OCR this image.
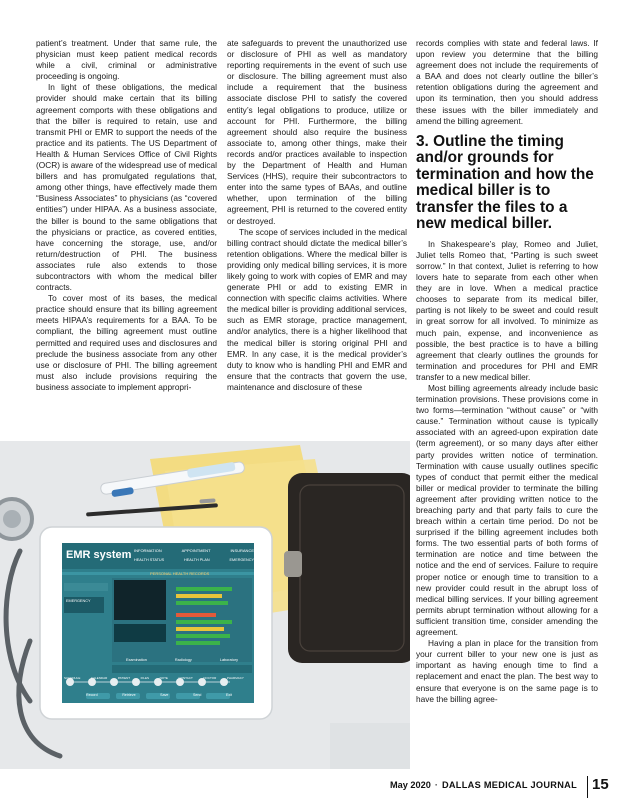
patient’s treatment. Under that same rule, the physician must keep patient medical records while a civil, criminal or administrative proceeding is ongoing.

In light of these obligations, the medical provider should make certain that its billing agreement comports with these obligations and that the biller is required to retain, use and transmit PHI or EMR to support the needs of the practice and its patients. The US Department of Health & Human Services Office of Civil Rights (OCR) is aware of the widespread use of medical billers and has promulgated regulations that, among other things, have effectively made them “Business Associates” to physicians (as “covered entities”) under HIPAA. As a business associate, the biller is bound to the same obligations that the physicians or practice, as covered entities, have concerning the storage, use, and/or return/destruction of PHI. The business associates rule also extends to those subcontractors with whom the medical biller contracts.

To cover most of its bases, the medical practice should ensure that its billing agreement meets HIPAA’s requirements for a BAA. To be compliant, the billing agreement must outline permitted and required uses and disclosures and preclude the business associate from any other use or disclosure of PHI. The billing agreement must also include provisions requiring the business associate to implement appropri-

ate safeguards to prevent the unauthorized use or disclosure of PHI as well as mandatory reporting requirements in the event of such use or disclosure. The billing agreement must also include a requirement that the business associate disclose PHI to satisfy the covered entity’s legal obligations to produce, utilize or account for PHI. Furthermore, the billing agreement should also require the business associate to, among other things, make their records and/or practices available to inspection by the Department of Health and Human Services (HHS), require their subcontractors to enter into the same types of BAAs, and outline whether, upon termination of the billing agreement, PHI is returned to the covered entity or destroyed.

The scope of services included in the medical billing contract should dictate the medical biller’s retention obligations. Where the medical biller is providing only medical billing services, it is more likely going to work with copies of EMR and may generate PHI or add to existing EMR in connection with specific claims activities. Where the medical biller is providing additional services, such as EMR storage, practice management, and/or analytics, there is a higher likelihood that the medical biller is storing original PHI and EMR. In any case, it is the medical provider’s duty to know who is handling PHI and EMR and ensure that the contracts that govern the use, maintenance and disclosure of these

records complies with state and federal laws. If upon review you determine that the billing agreement does not include the requirements of a BAA and does not clearly outline the biller’s retention obligations during the agreement and upon its termination, then you should address these issues with the biller immediately and amend the billing agreement.

3. Outline the timing and/or grounds for termination and how the medical biller is to transfer the files to a new medical biller.

In Shakespeare’s play, Romeo and Juliet, Juliet tells Romeo that, “Parting is such sweet sorrow.” In that context, Juliet is referring to how lovers hate to separate from each other when they are in love. When a medical practice chooses to separate from its medical biller, parting is not likely to be sweet and could result in great sorrow for all involved. To minimize as much pain, expense, and inconvenience as possible, the best practice is to have a billing agreement that clearly outlines the grounds for termination and procedures for PHI and EMR transfer to a new medical biller.

Most billing agreements already include basic termination provisions. These provisions come in two forms—termination “without cause” or “with cause.” Termination without cause is typically associated with an agreed-upon expiration date (term agreement), or so many days after either party provides written notice of termination. Termination with cause usually outlines specific types of conduct that permit either the medical biller or medical provider to terminate the billing agreement after providing written notice to the breaching party and that party fails to cure the breach within a certain time period. Do not be surprised if the billing agreement includes both forms. The two essential parts of both forms of termination are notice and time between the notice and the end of services. Failure to require proper notice or enough time to transition to a new provider could result in the abrupt loss of medical billing services. If your billing agreement permits abrupt termination without allowing for a sufficient transition time, consider amending the agreement.

Having a plan in place for the transition from your current biller to your new one is just as important as having enough time to find a replacement and enact the plan. The best way to ensure that everyone is on the same page is to have the billing agree-

EMR system INFORMATION	APPOINTMENT	INSURANCE
HEALTH STATUS	HEALTH PLAN	EMERGENCY
PERSONAL HEALTH RECORDS
EMERGENCY
Examination	Radiology	Laboratory
Record	Retrieve	Save	Send	Exit
SCHEDULE	CALENDAR	PATIENT	FILES	NOTE	CONTACT	DOCTOR	PHARMACY
May 2020 · DALLAS MEDICAL JOURNAL 15
